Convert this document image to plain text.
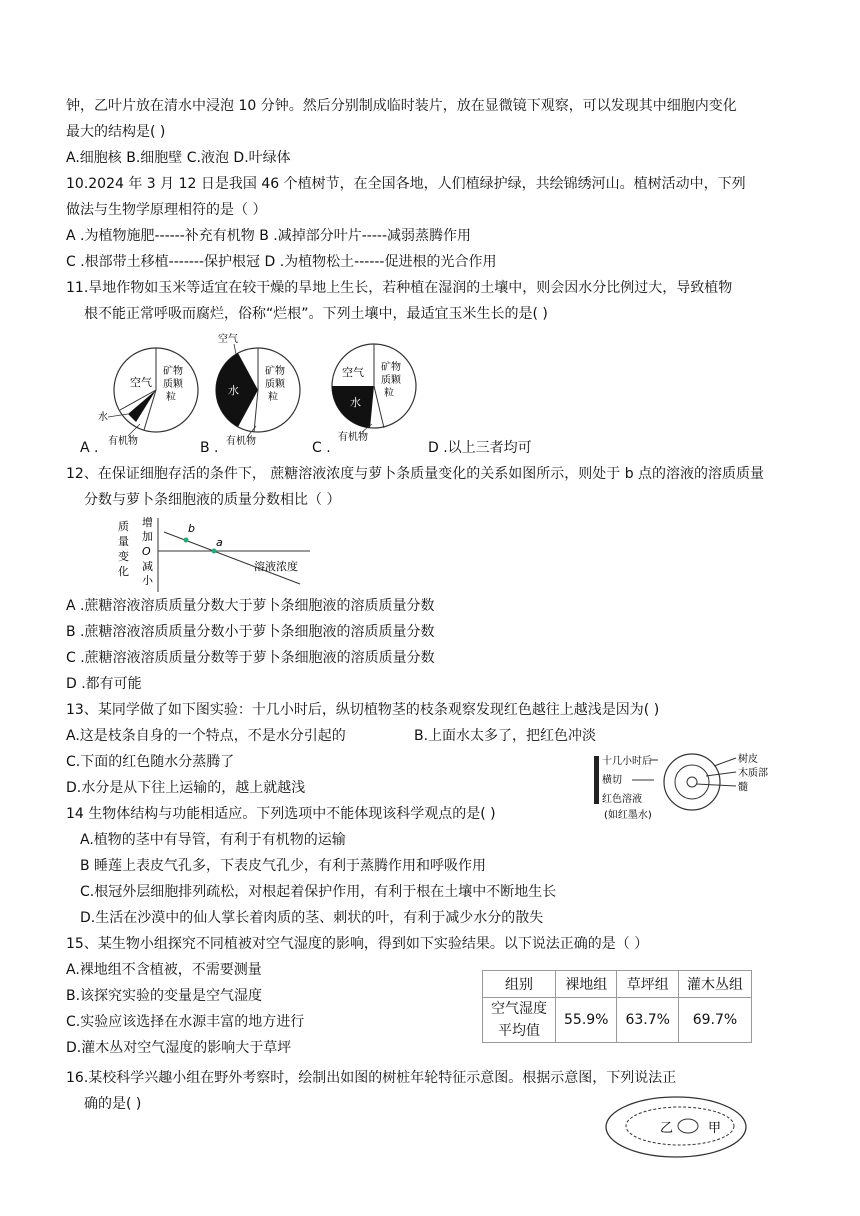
钟，乙叶片放在清水中浸泡 10 分钟。然后分别制成临时装片，放在显微镜下观察，可以发现其中细胞内变化
最大的结构是( )
A.细胞核 B.细胞壁 C.液泡 D.叶绿体
10.2024 年 3 月 12 日是我国 46 个植树节，在全国各地，人们植绿护绿，共绘锦绣河山。植树活动中，下列
做法与生物学原理相符的是（ ）
A .为植物施肥------补充有机物 B .减掉部分叶片-----减弱蒸腾作用
C .根部带土移植-------保护根冠 D .为植物松土------促进根的光合作用
11.旱地作物如玉米等适宜在较干燥的旱地上生长，若种植在湿润的土壤中，则会因水分比例过大，导致植物
根不能正常呼吸而腐烂，俗称“烂根”。下列土壤中，最适宜玉米生长的是( )
空气
矿物
质颗
粒
水
有机物
空气
水
矿物
质颗
粒
有机物
空气
水
矿物
质颗
粒
有机物
A .	B .	C .	D .以上三者均可
12、在保证细胞存活的条件下， 蔗糖溶液浓度与萝卜条质量变化的关系如图所示，则处于 b 点的溶液的溶质质量
分数与萝卜条细胞液的质量分数相比（ ）
质
量
变
化
增
加
O
减
小
b
a
溶液浓度
A .蔗糖溶液溶质质量分数大于萝卜条细胞液的溶质质量分数
B .蔗糖溶液溶质质量分数小于萝卜条细胞液的溶质质量分数
C .蔗糖溶液溶质质量分数等于萝卜条细胞液的溶质质量分数
D .都有可能
13、某同学做了如下图实验：十几小时后，纵切植物茎的枝条观察发现红色越往上越浅是因为( )
A.这是枝条自身的一个特点，不是水分引起的	B.上面水太多了，把红色冲淡
C.下面的红色随水分蒸腾了
D.水分是从下往上运输的，越上就越浅
十几小时后
横切
红色溶液
(如红墨水)
树皮
木质部
髓
14 生物体结构与功能相适应。下列选项中不能体现该科学观点的是( )
A.植物的茎中有导管，有利于有机物的运输
B 睡莲上表皮气孔多，下表皮气孔少，有利于蒸腾作用和呼吸作用
C.根冠外层细胞排列疏松，对根起着保护作用，有利于根在土壤中不断地生长
D.生活在沙漠中的仙人掌长着肉质的茎、刺状的叶，有利于减少水分的散失
15、某生物小组探究不同植被对空气湿度的影响，得到如下实验结果。以下说法正确的是（ ）
A.裸地组不含植被，不需要测量
B.该探究实验的变量是空气湿度
C.实验应该选择在水源丰富的地方进行
D.灌木丛对空气湿度的影响大于草坪
组别	裸地组	草坪组	灌木丛组
空气湿度
平均值	55.9%	63.7%	69.7%
16.某校科学兴趣小组在野外考察时，绘制出如图的树桩年轮特征示意图。根据示意图，下列说法正
确的是( )
乙	甲
